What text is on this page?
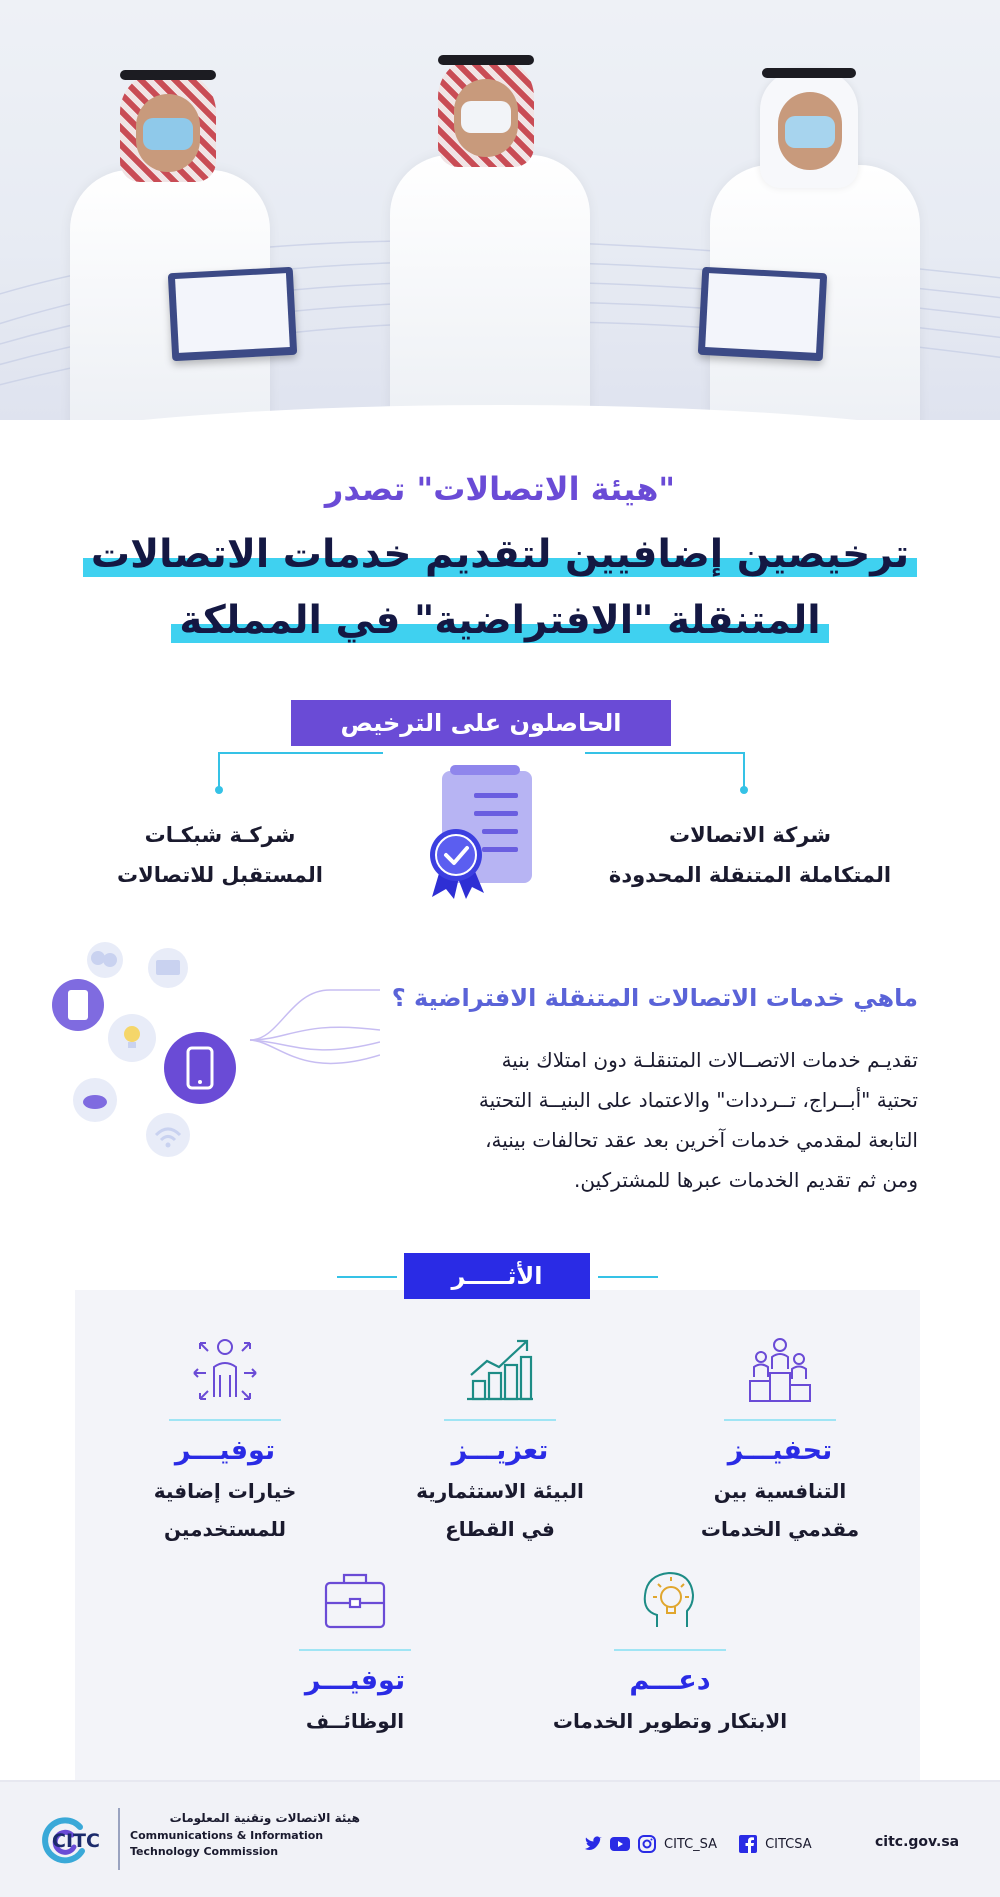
"هيئة الاتصالات" تصدر
ترخيصين إضافيين لتقديم خدمات الاتصالات
المتنقلة "الافتراضية" في المملكة
الحاصلون على الترخيص
شركة الاتصالات
المتكاملة المتنقلة المحدودة
شركـة شبكـات
المستقبل للاتصالات
ماهي خدمات الاتصالات المتنقلة الافتراضية ؟
تقديـم خدمات الاتصــالات المتنقلـة دون امتلاك بنية
تحتية "أبــراج، تــرددات" والاعتماد على البنيــة التحتية
التابعة لمقدمي خدمات آخرين بعد عقد تحالفات بينية،
ومن ثم تقديم الخدمات عبرها للمشتركين.
الأثـــــر
تحفيـــز
التنافسية بين
مقدمي الخدمات
تعزيـــز
البيئة الاستثمارية
في القطاع
توفيـــر
خيارات إضافية
للمستخدمين
دعـــم
الابتكار وتطوير الخدمات
توفيـــر
الوظائــف
CITC
هيئة الاتصالات وتقنية المعلومات
Communications & Information
Technology Commission	CITC_SA	CITCSA	citc.gov.sa
